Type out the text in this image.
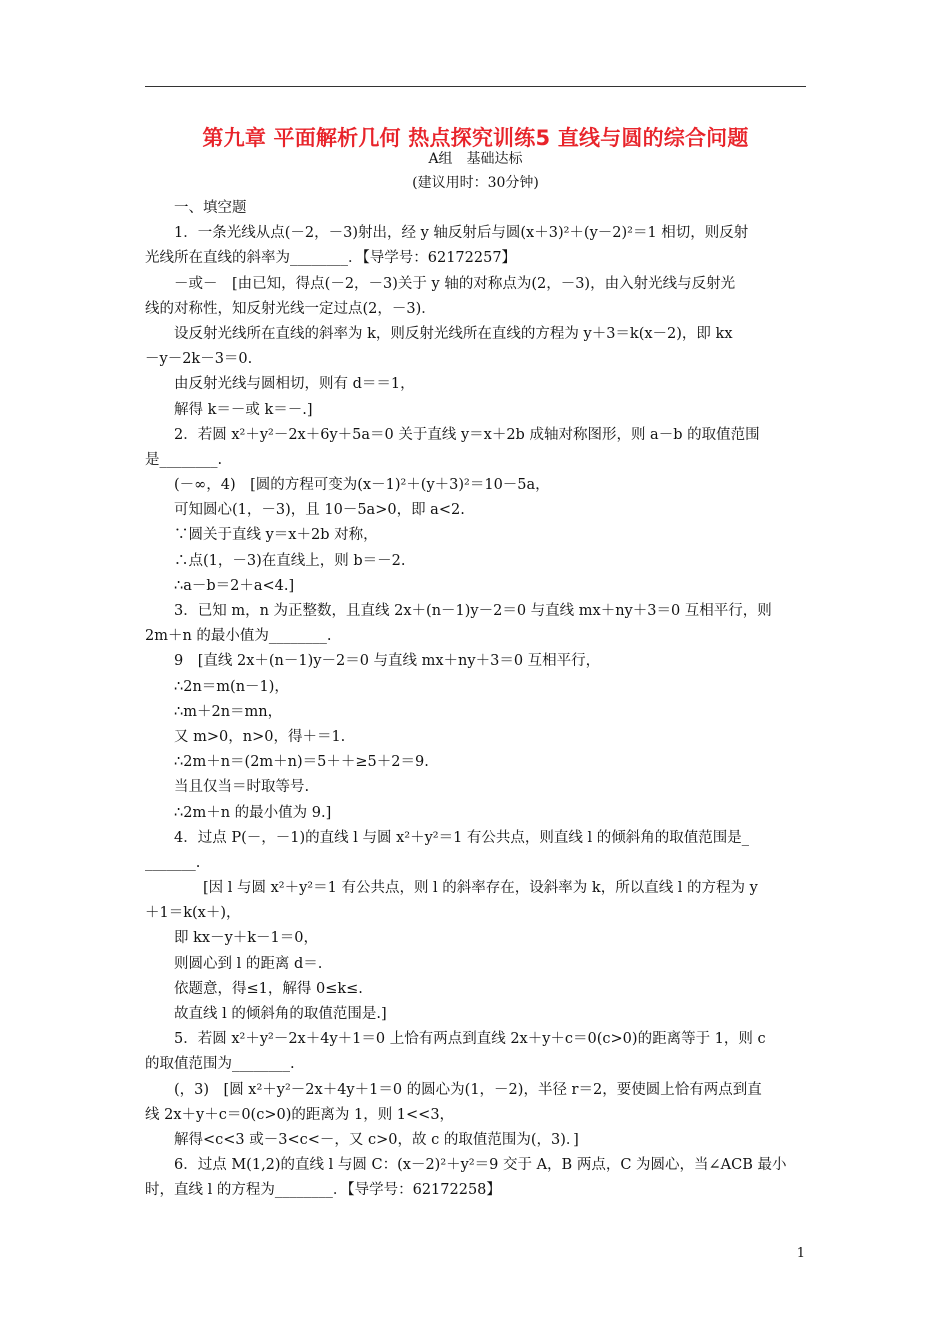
第九章 平面解析几何 热点探究训练5 直线与圆的综合问题
A组　基础达标
(建议用时：30分钟)
一、填空题
1．一条光线从点(－2，－3)射出，经 y 轴反射后与圆(x＋3)²＋(y－2)²＝1 相切，则反射
光线所在直线的斜率为________．【导学号：62172257】
－或－　[由已知，得点(－2，－3)关于 y 轴的对称点为(2，－3)，由入射光线与反射光
线的对称性，知反射光线一定过点(2，－3)．
设反射光线所在直线的斜率为 k，则反射光线所在直线的方程为 y＋3＝k(x－2)，即 kx
－y－2k－3＝0.
由反射光线与圆相切，则有 d＝＝1，
解得 k＝－或 k＝－.]
2．若圆 x²＋y²－2x＋6y＋5a＝0 关于直线 y＝x＋2b 成轴对称图形，则 a－b 的取值范围
是________.
(－∞，4)　[圆的方程可变为(x－1)²＋(y＋3)²＝10－5a，
可知圆心(1，－3)，且 10－5a>0，即 a<2.
∵圆关于直线 y＝x＋2b 对称，
∴点(1，－3)在直线上，则 b＝－2.
∴a－b＝2＋a<4.]
3．已知 m，n 为正整数，且直线 2x＋(n－1)y－2＝0 与直线 mx＋ny＋3＝0 互相平行，则
2m＋n 的最小值为________.
9　[直线 2x＋(n－1)y－2＝0 与直线 mx＋ny＋3＝0 互相平行，
∴2n＝m(n－1)，
∴m＋2n＝mn，
又 m>0，n>0，得＋＝1.
∴2m＋n＝(2m＋n)＝5＋＋≥5＋2＝9.
当且仅当＝时取等号.
∴2m＋n 的最小值为 9.]
4．过点 P(－，－1)的直线 l 与圆 x²＋y²＝1 有公共点，则直线 l 的倾斜角的取值范围是_
_______.
[因 l 与圆 x²＋y²＝1 有公共点，则 l 的斜率存在，设斜率为 k，所以直线 l 的方程为 y
＋1＝k(x＋)，
即 kx－y＋k－1＝0，
则圆心到 l 的距离 d＝.
依题意，得≤1，解得 0≤k≤.
故直线 l 的倾斜角的取值范围是.]
5．若圆 x²＋y²－2x＋4y＋1＝0 上恰有两点到直线 2x＋y＋c＝0(c>0)的距离等于 1，则 c
的取值范围为________.
(，3)　[圆 x²＋y²－2x＋4y＋1＝0 的圆心为(1，－2)，半径 r＝2，要使圆上恰有两点到直
线 2x＋y＋c＝0(c>0)的距离为 1，则 1<<3，
解得<c<3 或－3<c<－，又 c>0，故 c 的取值范围为(，3)．]
6．过点 M(1,2)的直线 l 与圆 C：(x－2)²＋y²＝9 交于 A，B 两点，C 为圆心，当∠ACB 最小
时，直线 l 的方程为________．【导学号：62172258】
1
